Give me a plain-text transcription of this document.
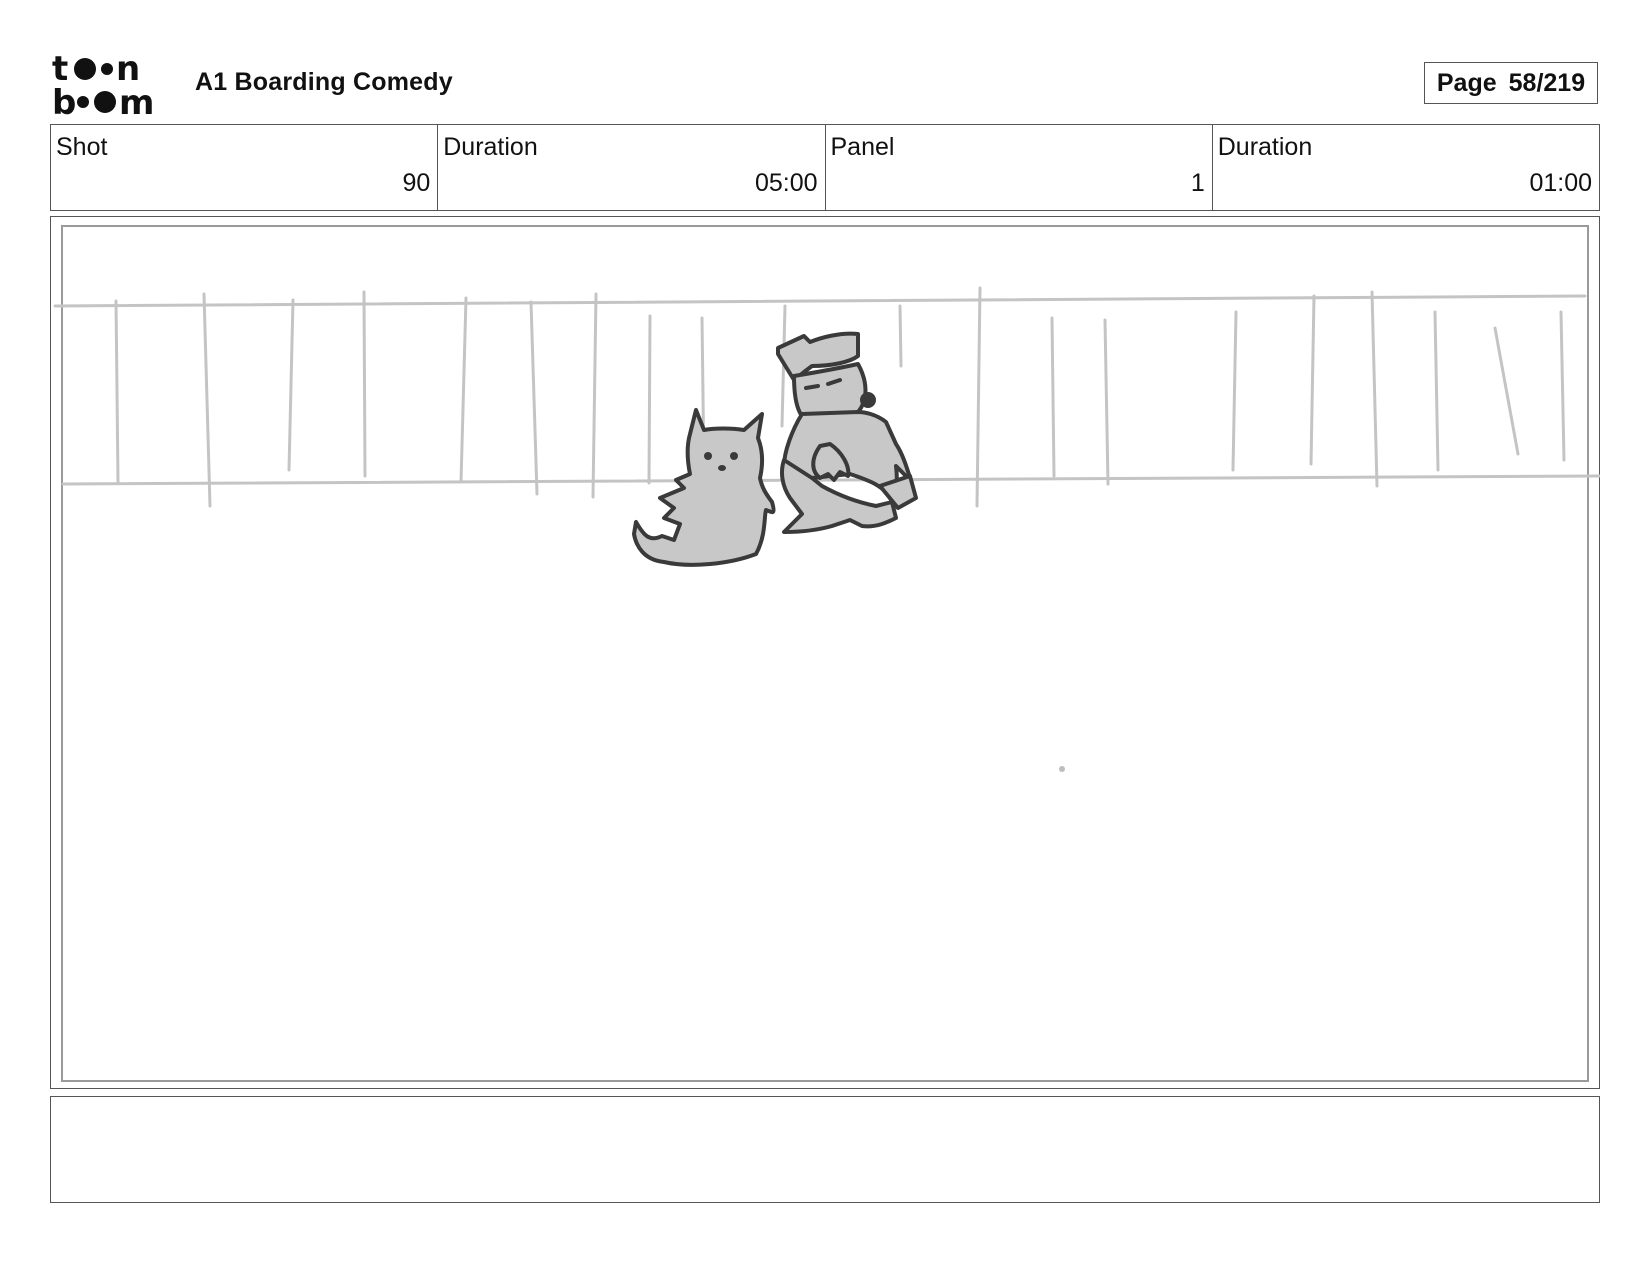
t n
b m
A1 Boarding Comedy	Page 58/219
Shot
90
Duration
05:00
Panel
1
Duration
01:00
